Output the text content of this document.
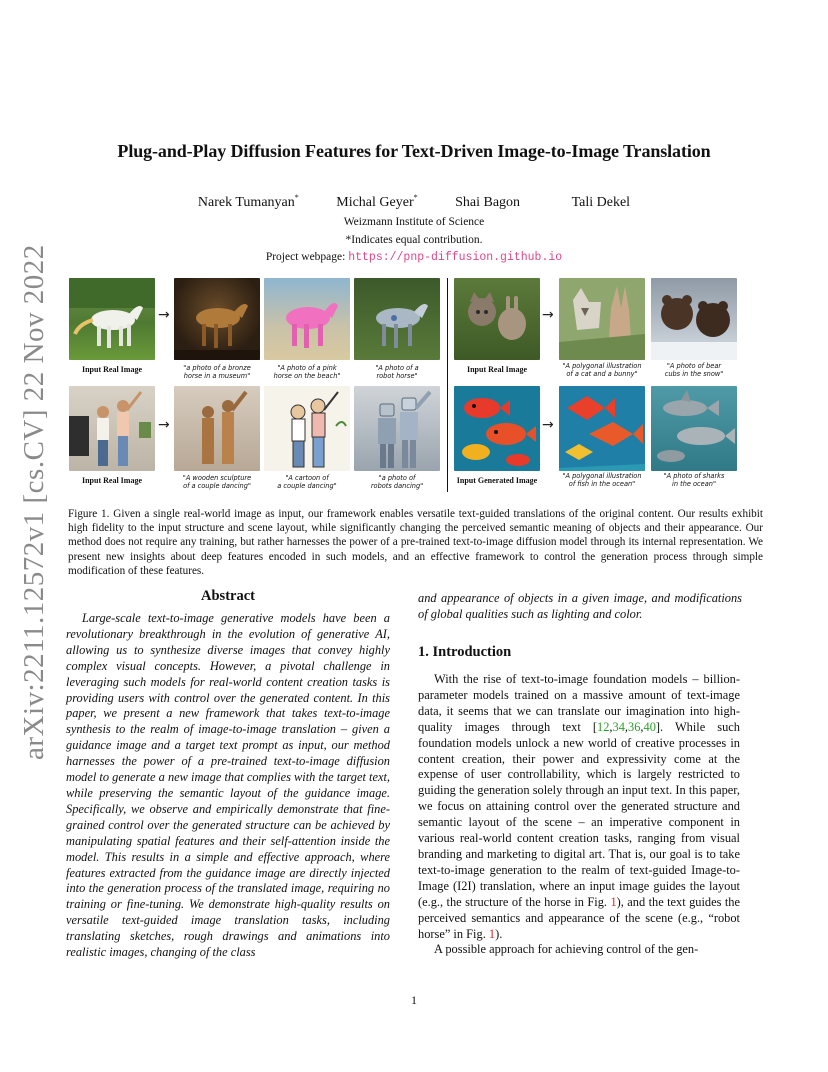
Plug-and-Play Diffusion Features for Text-Driven Image-to-Image Translation
Narek Tumanyan*	Michal Geyer*	Shai Bagon	Tali Dekel
Weizmann Institute of Science
*Indicates equal contribution.
Project webpage: https://pnp-diffusion.github.io
arXiv:2211.12572v1 [cs.CV] 22 Nov 2022	Input Real Image
→
"a photo of a bronze
horse in a museum"
"A photo of a pink
horse on the beach"
"A photo of a
robot horse"
Input Real Image
→
"A polygonal illustration
of a cat and a bunny"
"A photo of bear
cubs in the snow"
Input Real Image
→
"A wooden sculpture
of a couple dancing"
"A cartoon of
a couple dancing"
"a photo of
robots dancing"
Input Generated Image
→
"A polygonal illustration
of fish in the ocean"
"A photo of sharks
in the ocean"
Figure 1. Given a single real-world image as input, our framework enables versatile text-guided translations of the original content. Our results exhibit high fidelity to the input structure and scene layout, while significantly changing the perceived semantic meaning of objects and their appearance. Our method does not require any training, but rather harnesses the power of a pre-trained text-to-image diffusion model through its internal representation. We present new insights about deep features encoded in such models, and an effective framework to control the generation process through simple modification of these features.
Abstract

Large-scale text-to-image generative models have been a revolutionary breakthrough in the evolution of generative AI, allowing us to synthesize diverse images that convey highly complex visual concepts. However, a pivotal challenge in leveraging such models for real-world content creation tasks is providing users with control over the generated content. In this paper, we present a new framework that takes text-to-image synthesis to the realm of image-to-image translation – given a guidance image and a target text prompt as input, our method harnesses the power of a pre-trained text-to-image diffusion model to generate a new image that complies with the target text, while preserving the semantic layout of the guidance image. Specifically, we observe and empirically demonstrate that fine-grained control over the generated structure can be achieved by manipulating spatial features and their self-attention inside the model. This results in a simple and effective approach, where features extracted from the guidance image are directly injected into the generation process of the translated image, requiring no training or fine-tuning. We demonstrate high-quality results on versatile text-guided image translation tasks, including translating sketches, rough drawings and animations into realistic images, changing of the class

and appearance of objects in a given image, and modifications of global qualities such as lighting and color.
1. Introduction

With the rise of text-to-image foundation models – billion-parameter models trained on a massive amount of text-image data, it seems that we can translate our imagination into high-quality images through text [12,34,36,40]. While such foundation models unlock a new world of creative processes in content creation, their power and expressivity come at the expense of user controllability, which is largely restricted to guiding the generation solely through an input text. In this paper, we focus on attaining control over the generated structure and semantic layout of the scene – an imperative component in various real-world content creation tasks, ranging from visual branding and marketing to digital art. That is, our goal is to take text-to-image generation to the realm of text-guided Image-to-Image (I2I) translation, where an input image guides the layout (e.g., the structure of the horse in Fig. 1), and the text guides the perceived semantics and appearance of the scene (e.g., “robot horse” in Fig. 1).

A possible approach for achieving control of the gen-

1
